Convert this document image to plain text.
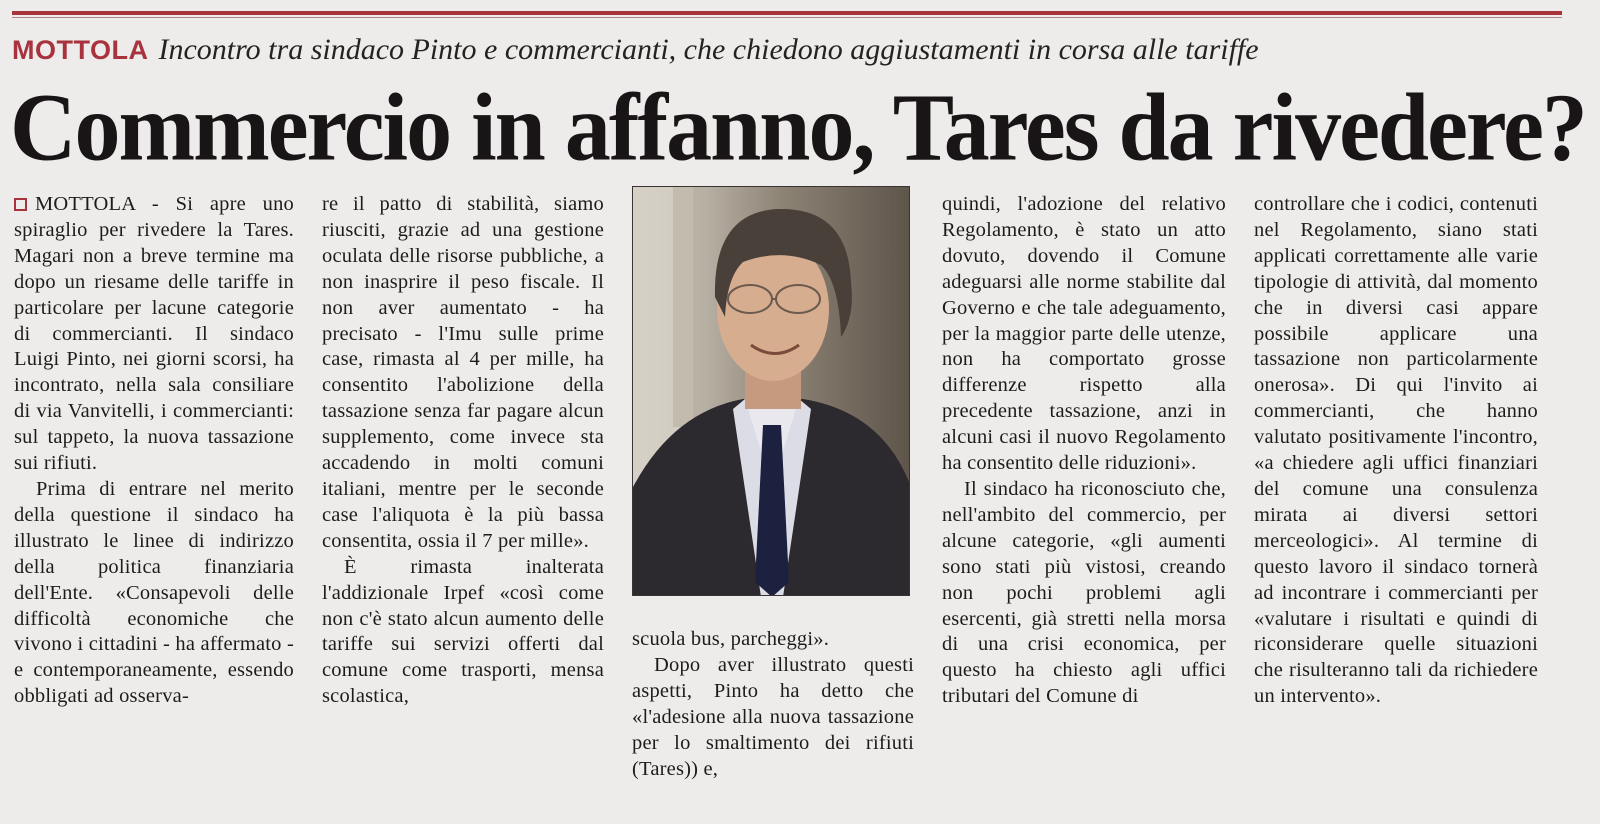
MOTTOLA Incontro tra sindaco Pinto e commercianti, che chiedono aggiustamenti in corsa alle tariffe
Commercio in affanno, Tares da rivedere?

MOTTOLA - Si apre uno spiraglio per rivedere la Tares. Magari non a breve termine ma dopo un riesame delle tariffe in particolare per lacune categorie di commercianti. Il sindaco Luigi Pinto, nei giorni scorsi, ha incontrato, nella sala consiliare di via Vanvitelli, i commercianti: sul tappeto, la nuova tassazione sui rifiuti.

Prima di entrare nel merito della questione il sindaco ha illustrato le linee di indirizzo della politica finanziaria dell'Ente. «Consapevoli delle difficoltà economiche che vivono i cittadini - ha affermato - e contemporaneamente, essendo obbligati ad osserva-

re il patto di stabilità, siamo riusciti, grazie ad una gestione oculata delle risorse pubbliche, a non inasprire il peso fiscale. Il non aver aumentato - ha precisato - l'Imu sulle prime case, rimasta al 4 per mille, ha consentito l'abolizione della tassazione senza far pagare alcun supplemento, come invece sta accadendo in molti comuni italiani, mentre per le seconde case l'aliquota è la più bassa consentita, ossia il 7 per mille».

È rimasta inalterata l'addizionale Irpef «così come non c'è stato alcun aumento delle tariffe sui servizi offerti dal comune come trasporti, mensa scolastica,

scuola bus, parcheggi».

Dopo aver illustrato questi aspetti, Pinto ha detto che «l'adesione alla nuova tassazione per lo smaltimento dei rifiuti (Tares)) e,

quindi, l'adozione del relativo Regolamento, è stato un atto dovuto, dovendo il Comune adeguarsi alle norme stabilite dal Governo e che tale adeguamento, per la maggior parte delle utenze, non ha comportato grosse differenze rispetto alla precedente tassazione, anzi in alcuni casi il nuovo Regolamento ha consentito delle riduzioni».

Il sindaco ha riconosciuto che, nell'ambito del commercio, per alcune categorie, «gli aumenti sono stati più vistosi, creando non pochi problemi agli esercenti, già stretti nella morsa di una crisi economica, per questo ha chiesto agli uffici tributari del Comune di

controllare che i codici, contenuti nel Regolamento, siano stati applicati correttamente alle varie tipologie di attività, dal momento che in diversi casi appare possibile applicare una tassazione non particolarmente onerosa». Di qui l'invito ai commercianti, che hanno valutato positivamente l'incontro, «a chiedere agli uffici finanziari del comune una consulenza mirata ai diversi settori merceologici». Al termine di questo lavoro il sindaco tornerà ad incontrare i commercianti per «valutare i risultati e quindi di riconsiderare quelle situazioni che risulteranno tali da richiedere un intervento».
